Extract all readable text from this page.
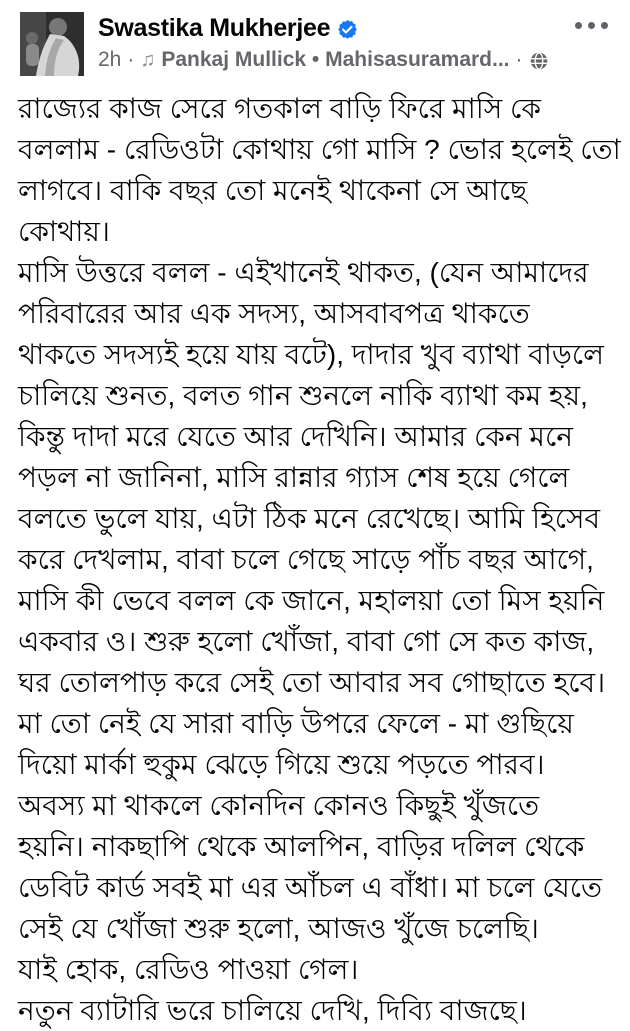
Swastika Mukherjee
2h · ♫ Pankaj Mullick • Mahisasuramard... ·
রাজ্যের কাজ সেরে গতকাল বাড়ি ফিরে মাসি কে
বললাম - রেডিওটা কোথায় গো মাসি ? ভোর হলেই তো
লাগবে। বাকি বছর তো মনেই থাকেনা সে আছে
কোথায়।
মাসি উত্তরে বলল - এইখানেই থাকত, (যেন আমাদের
পরিবারের আর এক সদস্য, আসবাবপত্র থাকতে
থাকতে সদস্যই হয়ে যায় বটে), দাদার খুব ব্যাথা বাড়লে
চালিয়ে শুনত, বলত গান শুনলে নাকি ব্যাথা কম হয়,
কিন্তু দাদা মরে যেতে আর দেখিনি। আমার কেন মনে
পড়ল না জানিনা, মাসি রান্নার গ্যাস শেষ হয়ে গেলে
বলতে ভুলে যায়, এটা ঠিক মনে রেখেছে। আমি হিসেব
করে দেখলাম, বাবা চলে গেছে সাড়ে পাঁচ বছর আগে,
মাসি কী ভেবে বলল কে জানে, মহালয়া তো মিস হয়নি
একবার ও। শুরু হলো খোঁজা, বাবা গো সে কত কাজ,
ঘর তোলপাড় করে সেই তো আবার সব গোছাতে হবে।
মা তো নেই যে সারা বাড়ি উপরে ফেলে - মা গুছিয়ে
দিয়ো মার্কা হুকুম ঝেড়ে গিয়ে শুয়ে পড়তে পারব।
অবস্য মা থাকলে কোনদিন কোনও কিছুই খুঁজতে
হয়নি। নাকছাপি থেকে আলপিন, বাড়ির দলিল থেকে
ডেবিট কার্ড সবই মা এর আঁচল এ বাঁধা। মা চলে যেতে
সেই যে খোঁজা শুরু হলো, আজও খুঁজে চলেছি।
যাই হোক, রেডিও পাওয়া গেল।
নতুন ব্যাটারি ভরে চালিয়ে দেখি, দিব্যি বাজছে।
